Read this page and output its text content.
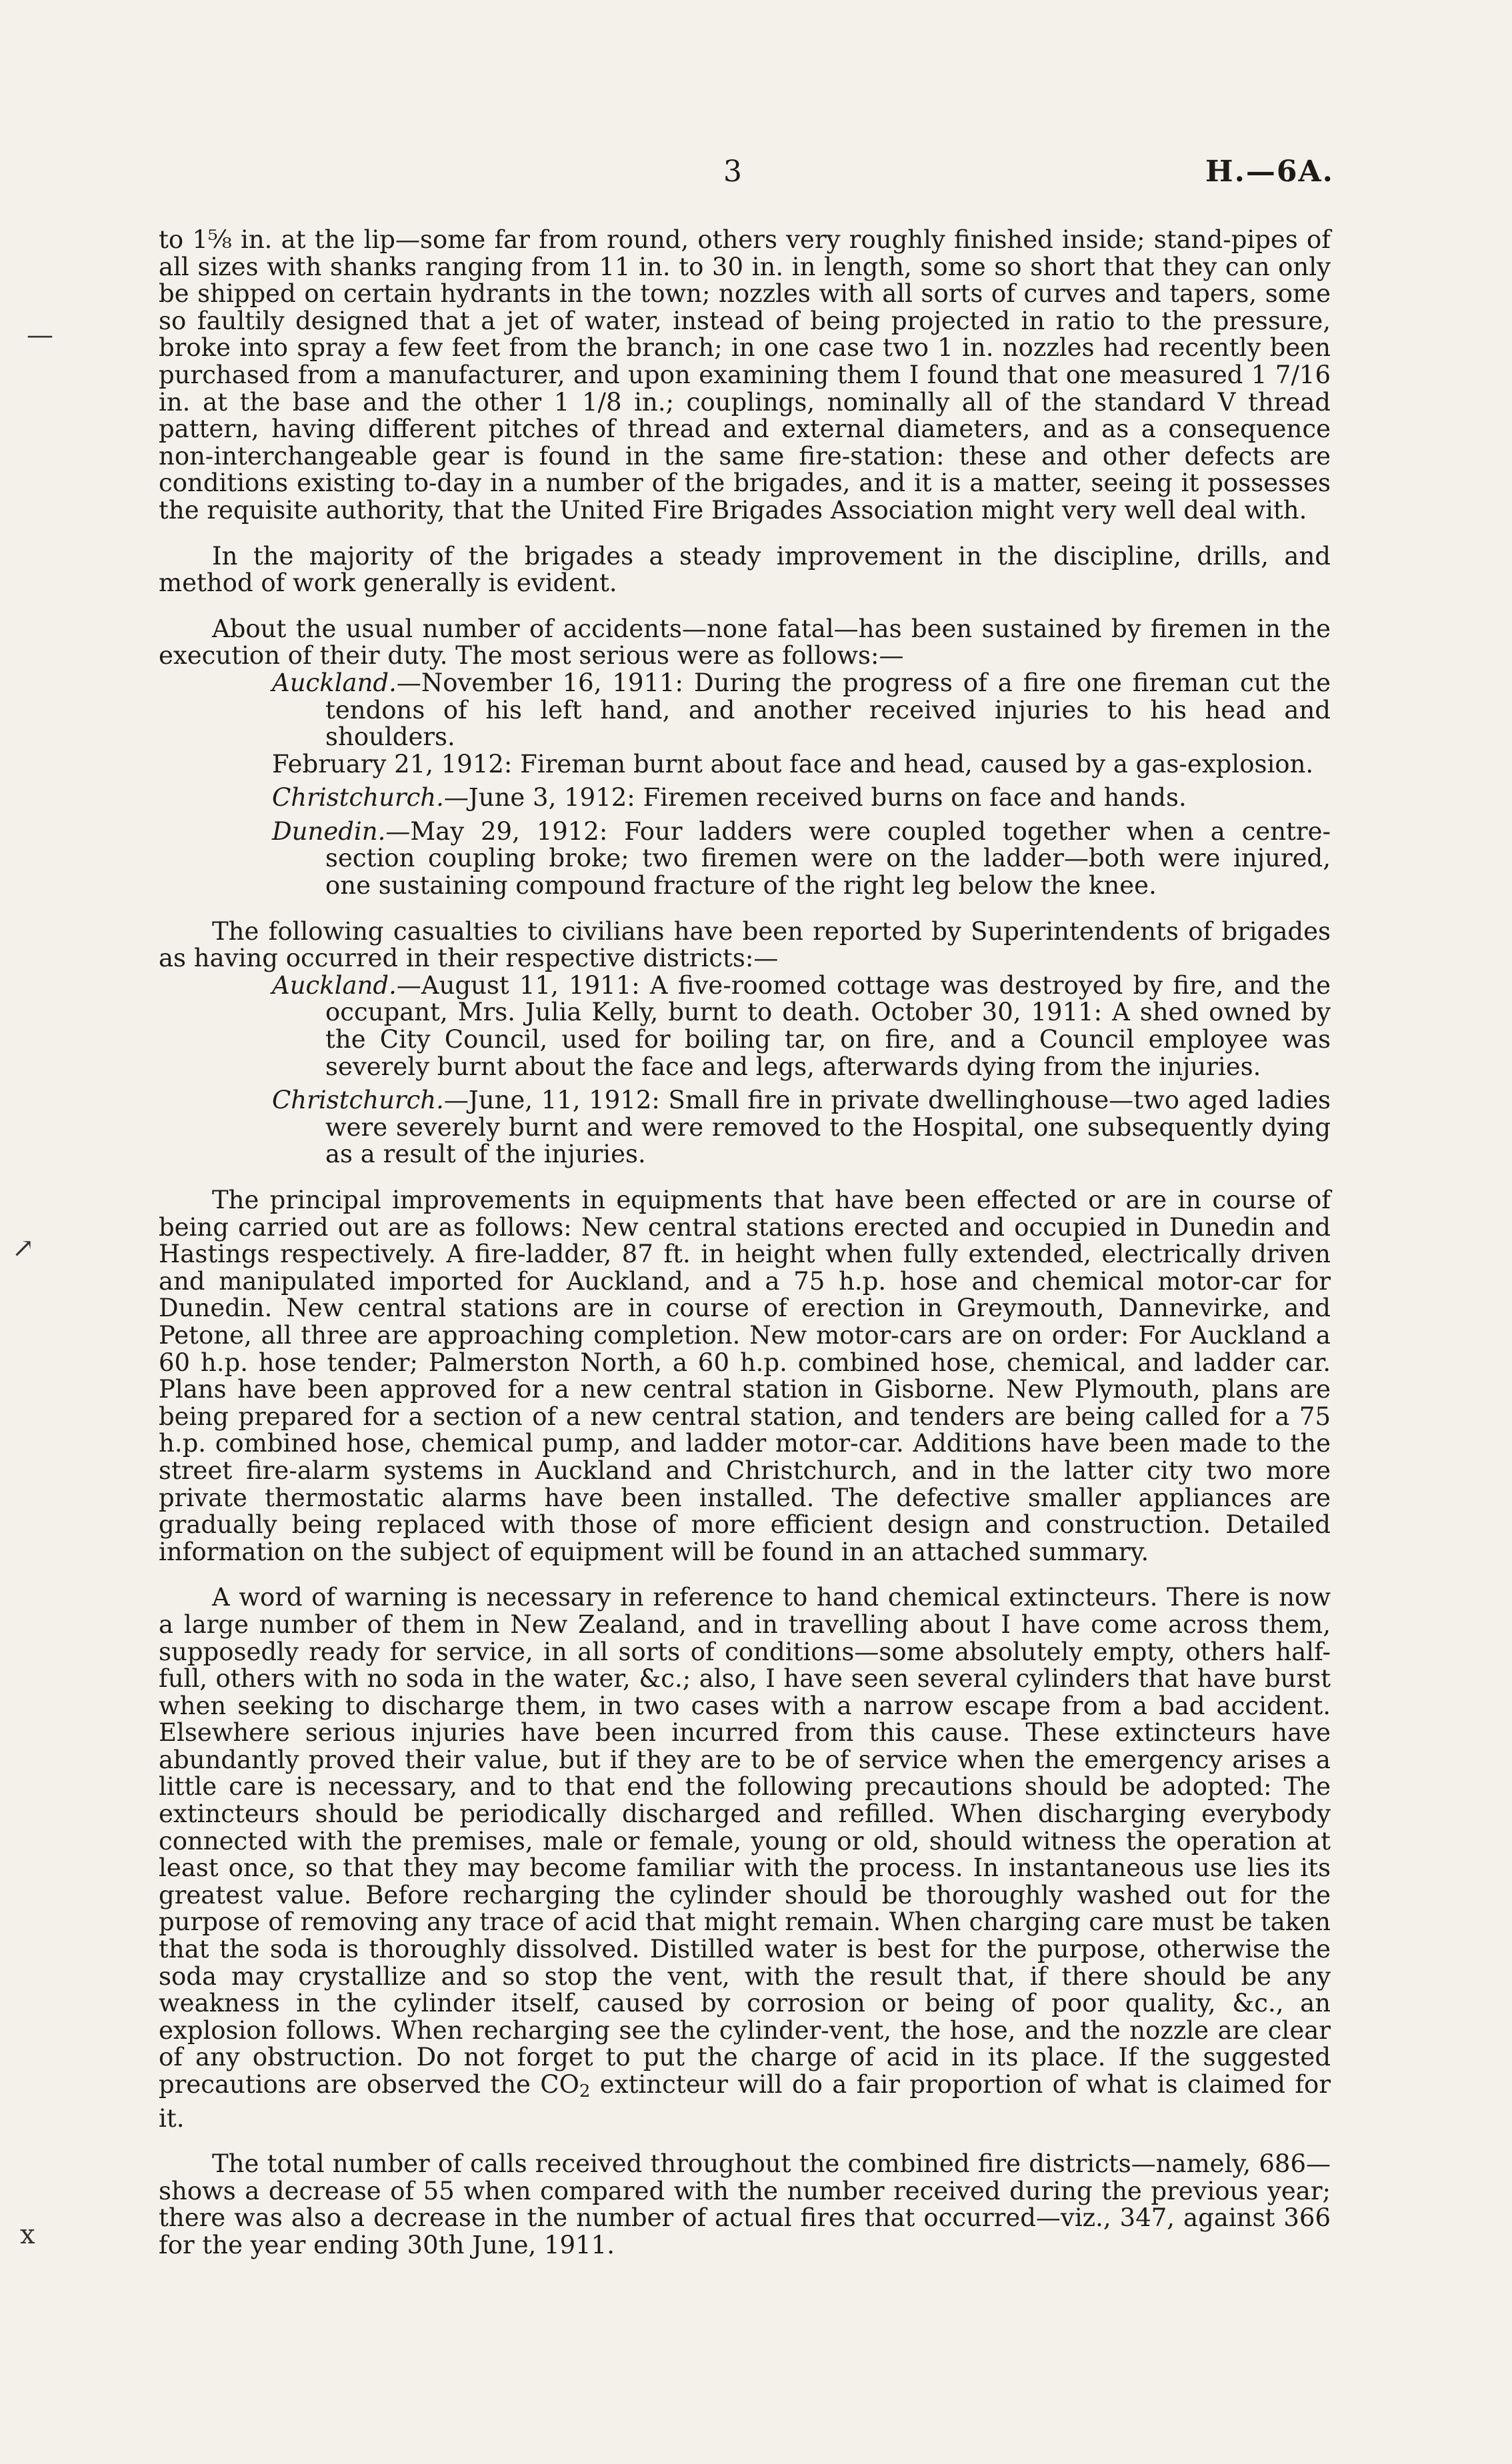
3	H.—6A.
—
↗
ⅹ

to 1⅝ in. at the lip—some far from round, others very roughly finished inside; stand-pipes of all sizes with shanks ranging from 11 in. to 30 in. in length, some so short that they can only be shipped on certain hydrants in the town; nozzles with all sorts of curves and tapers, some so faultily designed that a jet of water, instead of being projected in ratio to the pressure, broke into spray a few feet from the branch; in one case two 1 in. nozzles had recently been purchased from a manufacturer, and upon examining them I found that one measured 1 7/16 in. at the base and the other 1 1/8 in.; couplings, nominally all of the standard V thread pattern, having different pitches of thread and external diameters, and as a consequence non-interchangeable gear is found in the same fire-station: these and other defects are conditions existing to-day in a number of the brigades, and it is a matter, seeing it possesses the requisite authority, that the United Fire Brigades Association might very well deal with.

In the majority of the brigades a steady improvement in the discipline, drills, and method of work generally is evident.

About the usual number of accidents—none fatal—has been sustained by firemen in the execution of their duty. The most serious were as follows:—

Auckland.—November 16, 1911: During the progress of a fire one fireman cut the tendons of his left hand, and another received injuries to his head and shoulders.

February 21, 1912: Fireman burnt about face and head, caused by a gas-explosion.

Christchurch.—June 3, 1912: Firemen received burns on face and hands.

Dunedin.—May 29, 1912: Four ladders were coupled together when a centre-section coupling broke; two firemen were on the ladder—both were injured, one sustaining compound fracture of the right leg below the knee.

The following casualties to civilians have been reported by Superintendents of brigades as having occurred in their respective districts:—

Auckland.—August 11, 1911: A five-roomed cottage was destroyed by fire, and the occupant, Mrs. Julia Kelly, burnt to death. October 30, 1911: A shed owned by the City Council, used for boiling tar, on fire, and a Council employee was severely burnt about the face and legs, afterwards dying from the injuries.

Christchurch.—June, 11, 1912: Small fire in private dwellinghouse—two aged ladies were severely burnt and were removed to the Hospital, one subsequently dying as a result of the injuries.

The principal improvements in equipments that have been effected or are in course of being carried out are as follows: New central stations erected and occupied in Dunedin and Hastings respectively. A fire-ladder, 87 ft. in height when fully extended, electrically driven and manipulated imported for Auckland, and a 75 h.p. hose and chemical motor-car for Dunedin. New central stations are in course of erection in Greymouth, Dannevirke, and Petone, all three are approaching completion. New motor-cars are on order: For Auckland a 60 h.p. hose tender; Palmerston North, a 60 h.p. combined hose, chemical, and ladder car. Plans have been approved for a new central station in Gisborne. New Plymouth, plans are being prepared for a section of a new central station, and tenders are being called for a 75 h.p. combined hose, chemical pump, and ladder motor-car. Additions have been made to the street fire-alarm systems in Auckland and Christchurch, and in the latter city two more private thermostatic alarms have been installed. The defective smaller appliances are gradually being replaced with those of more efficient design and construction. Detailed information on the subject of equipment will be found in an attached summary.

A word of warning is necessary in reference to hand chemical extincteurs. There is now a large number of them in New Zealand, and in travelling about I have come across them, supposedly ready for service, in all sorts of conditions—some absolutely empty, others half-full, others with no soda in the water, &c.; also, I have seen several cylinders that have burst when seeking to discharge them, in two cases with a narrow escape from a bad accident. Elsewhere serious injuries have been incurred from this cause. These extincteurs have abundantly proved their value, but if they are to be of service when the emergency arises a little care is necessary, and to that end the following precautions should be adopted: The extincteurs should be periodically discharged and refilled. When discharging everybody connected with the premises, male or female, young or old, should witness the operation at least once, so that they may become familiar with the process. In instantaneous use lies its greatest value. Before recharging the cylinder should be thoroughly washed out for the purpose of removing any trace of acid that might remain. When charging care must be taken that the soda is thoroughly dissolved. Distilled water is best for the purpose, otherwise the soda may crystallize and so stop the vent, with the result that, if there should be any weakness in the cylinder itself, caused by corrosion or being of poor quality, &c., an explosion follows. When recharging see the cylinder-vent, the hose, and the nozzle are clear of any obstruction. Do not forget to put the charge of acid in its place. If the suggested precautions are observed the $CO_2$ extincteur will do a fair proportion of what is claimed for it.

The total number of calls received throughout the combined fire districts—namely, 686—shows a decrease of 55 when compared with the number received during the previous year; there was also a decrease in the number of actual fires that occurred—viz., 347, against 366 for the year ending 30th June, 1911.
